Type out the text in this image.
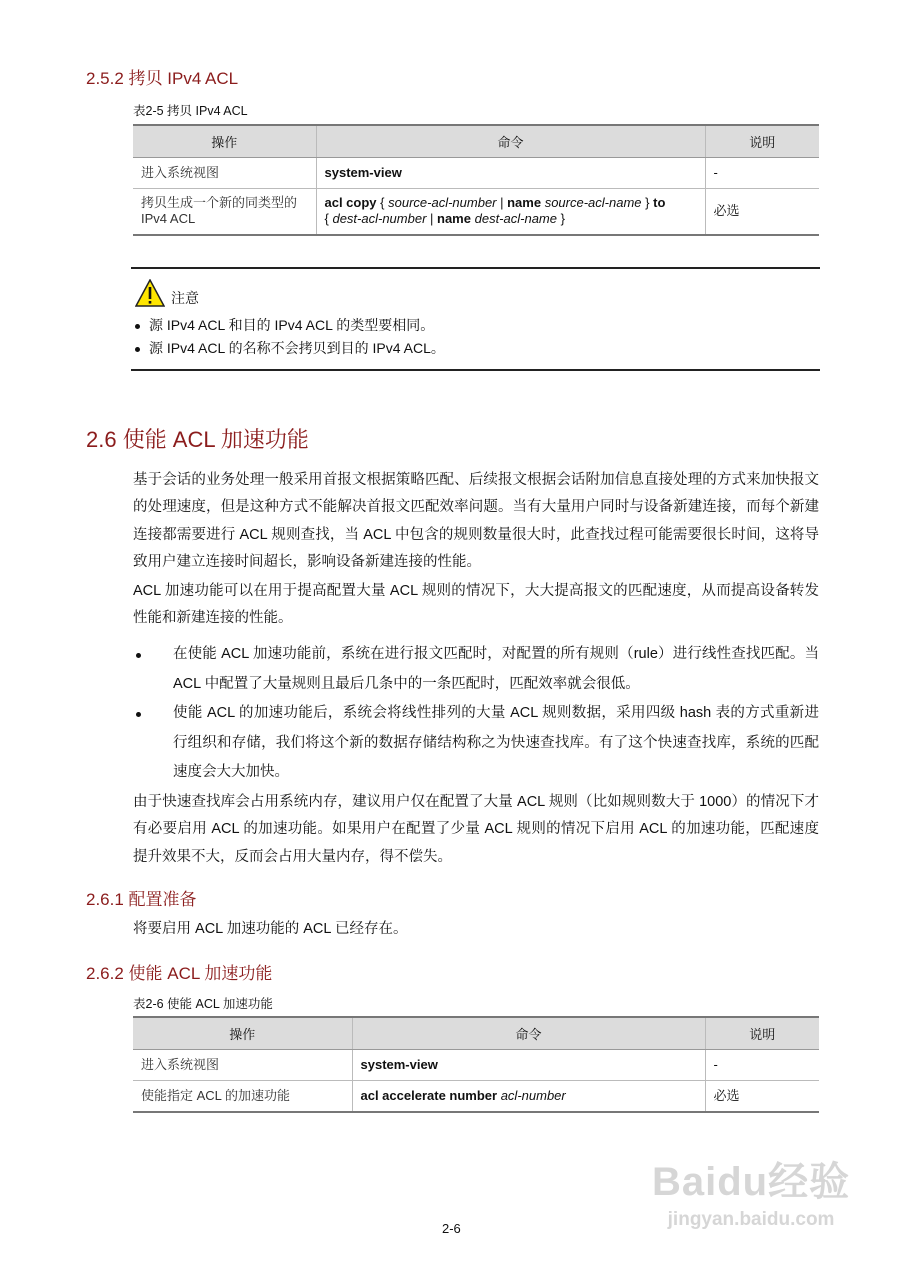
2.5.2 拷贝 IPv4 ACL
表2-5 拷贝 IPv4 ACL
操作	命令	说明
进入系统视图	system-view	-
拷贝生成一个新的同类型的 IPv4 ACL	acl copy { source-acl-number | name source-acl-name } to
{ dest-acl-number | name dest-acl-name }	必选
注意
源 IPv4 ACL 和目的 IPv4 ACL 的类型要相同。
源 IPv4 ACL 的名称不会拷贝到目的 IPv4 ACL。
2.6 使能 ACL 加速功能
基于会话的业务处理一般采用首报文根据策略匹配、后续报文根据会话附加信息直接处理的方式来加快报文的处理速度，但是这种方式不能解决首报文匹配效率问题。当有大量用户同时与设备新建连接，而每个新建连接都需要进行 ACL 规则查找，当 ACL 中包含的规则数量很大时，此查找过程可能需要很长时间，这将导致用户建立连接时间超长，影响设备新建连接的性能。
ACL 加速功能可以在用于提高配置大量 ACL 规则的情况下，大大提高报文的匹配速度，从而提高设备转发性能和新建连接的性能。
在使能 ACL 加速功能前，系统在进行报文匹配时，对配置的所有规则（rule）进行线性查找匹配。当 ACL 中配置了大量规则且最后几条中的一条匹配时，匹配效率就会很低。
使能 ACL 的加速功能后，系统会将线性排列的大量 ACL 规则数据，采用四级 hash 表的方式重新进行组织和存储，我们将这个新的数据存储结构称之为快速查找库。有了这个快速查找库，系统的匹配速度会大大加快。
由于快速查找库会占用系统内存，建议用户仅在配置了大量 ACL 规则（比如规则数大于 1000）的情况下才有必要启用 ACL 的加速功能。如果用户在配置了少量 ACL 规则的情况下启用 ACL 的加速功能，匹配速度提升效果不大，反而会占用大量内存，得不偿失。
2.6.1 配置准备
将要启用 ACL 加速功能的 ACL 已经存在。
2.6.2 使能 ACL 加速功能
表2-6 使能 ACL 加速功能
操作	命令	说明
进入系统视图	system-view	-
使能指定 ACL 的加速功能	acl accelerate number acl-number	必选
Baidu经验
jingyan.baidu.com
2-6
